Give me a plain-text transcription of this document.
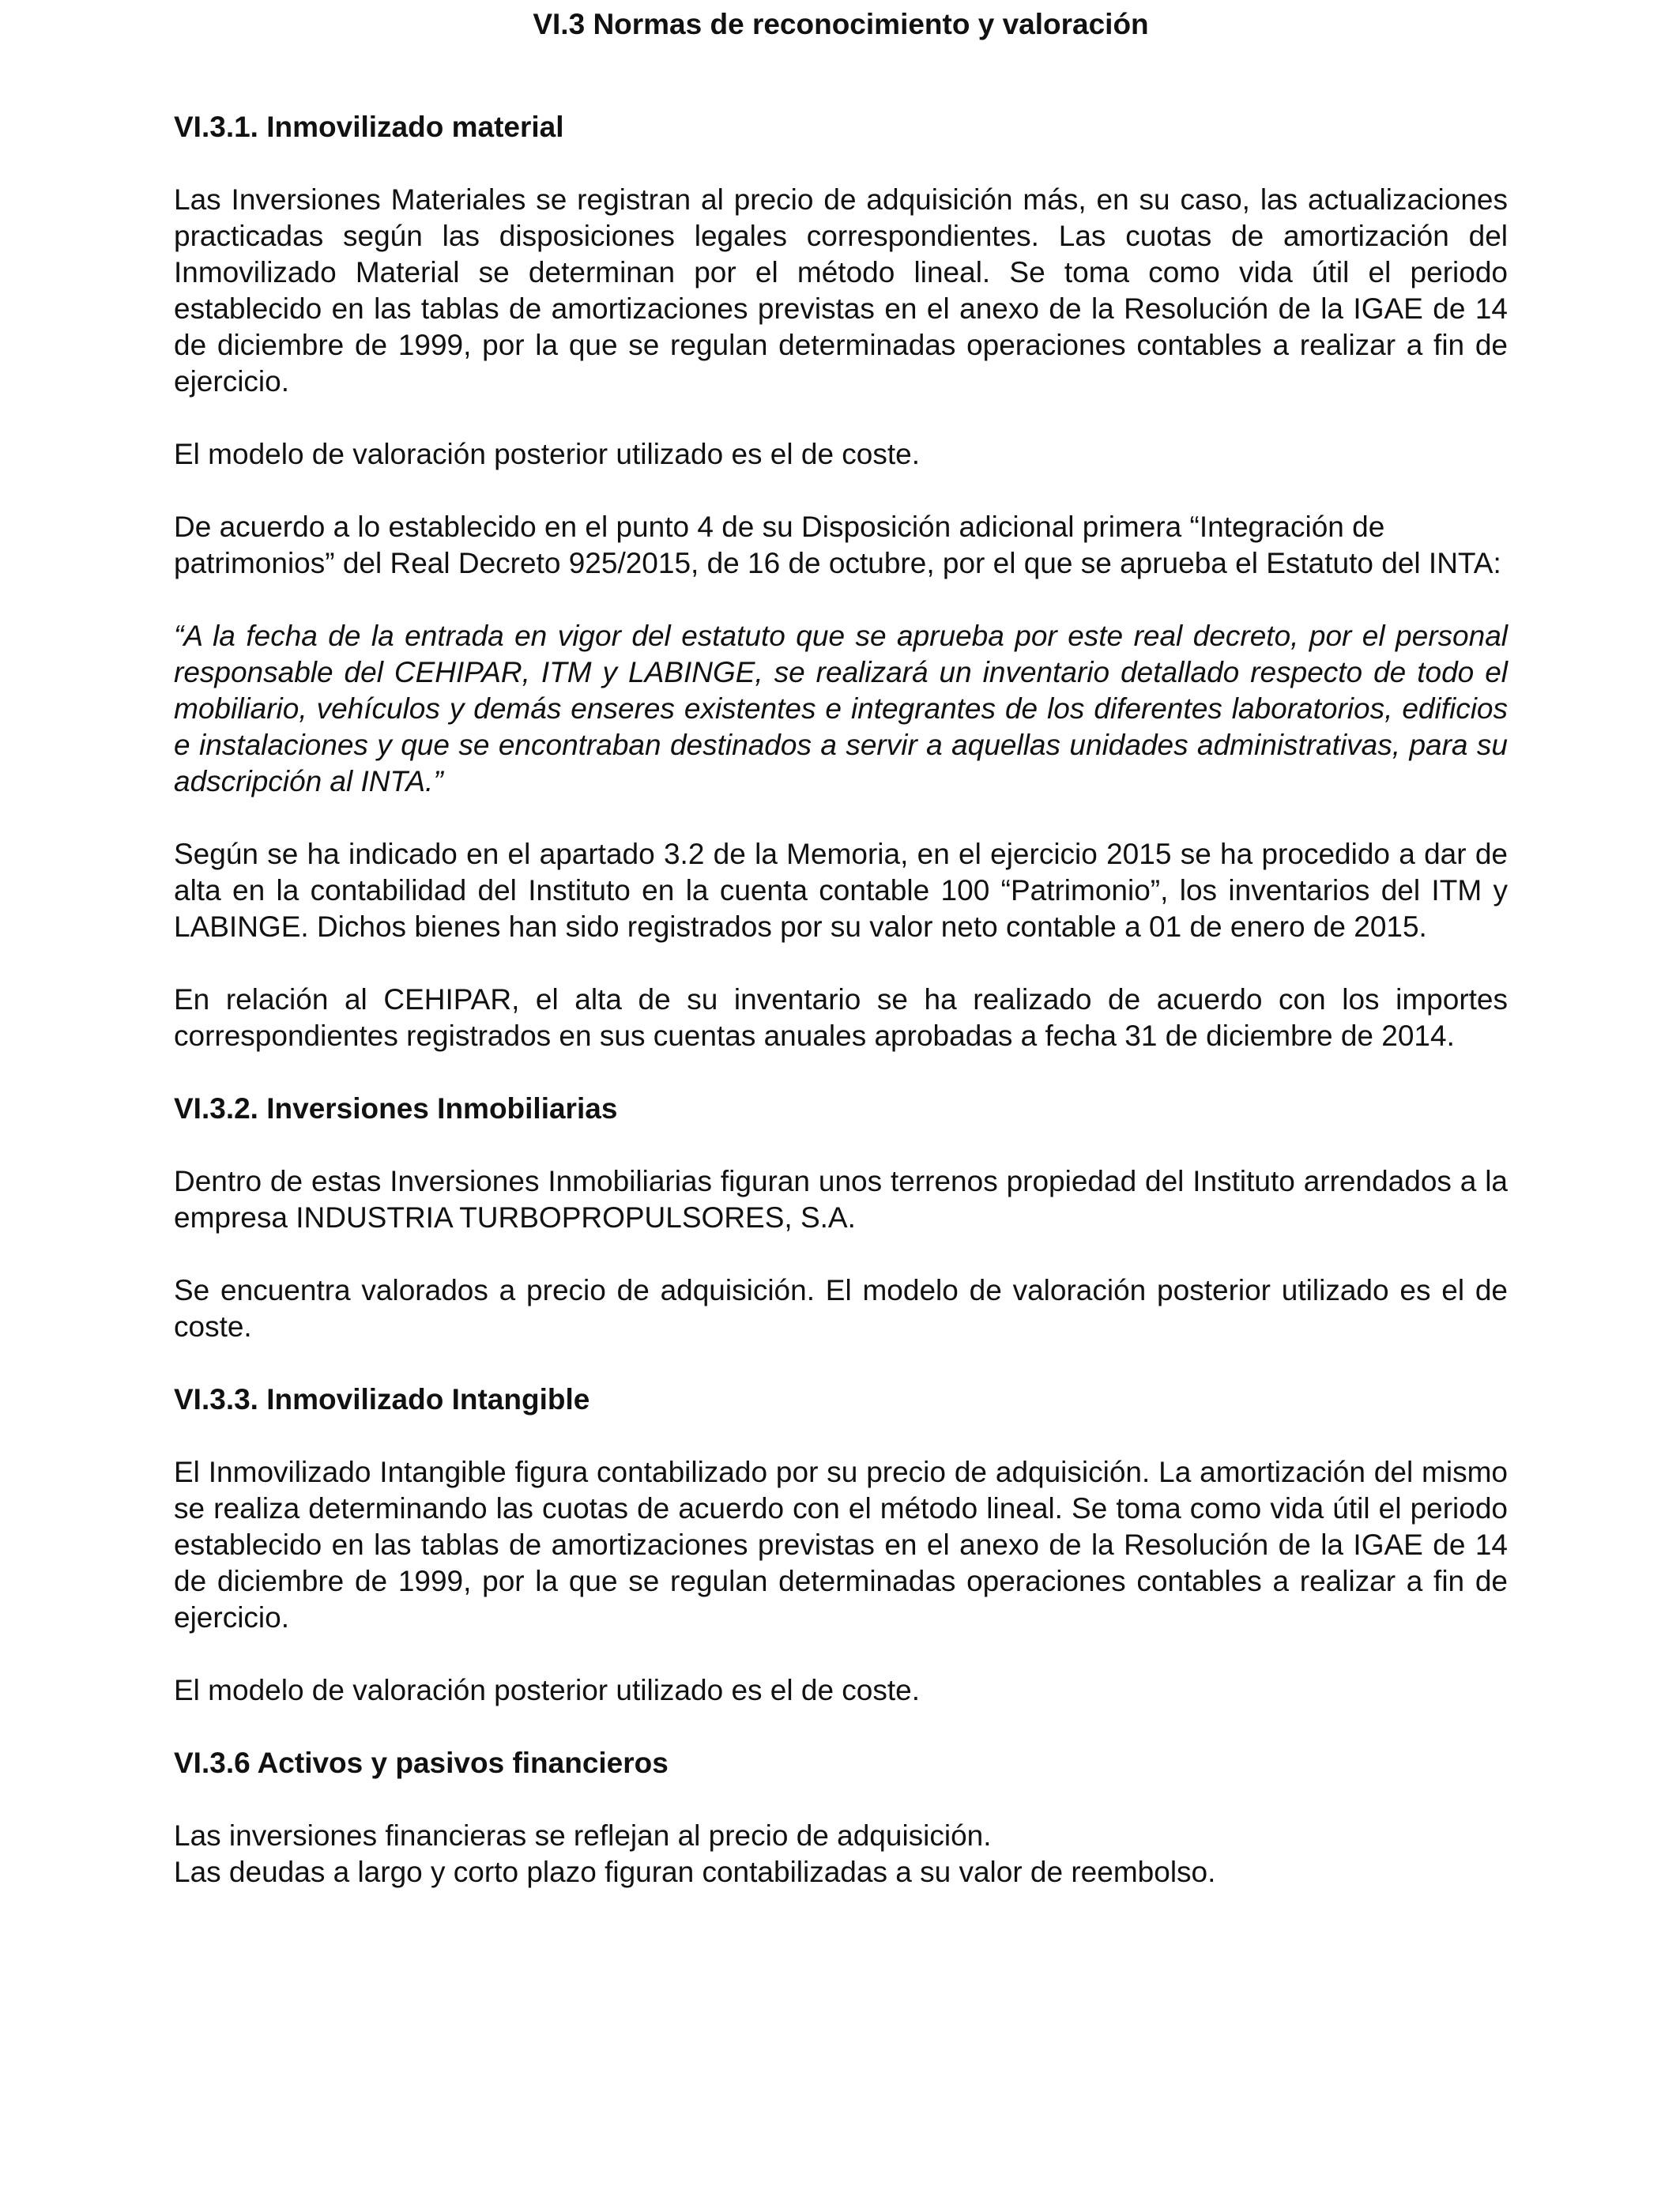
VI.3 Normas de reconocimiento y valoración
VI.3.1. Inmovilizado material

Las Inversiones Materiales se registran al precio de adquisición más, en su caso, las actualizaciones practicadas según las disposiciones legales correspondientes. Las cuotas de amortización del Inmovilizado Material se determinan por el método lineal. Se toma como vida útil el periodo establecido en las tablas de amortizaciones previstas en el anexo de la Resolución de la IGAE de 14 de diciembre de 1999, por la que se regulan determinadas operaciones contables a realizar a fin de ejercicio.

El modelo de valoración posterior utilizado es el de coste.

De acuerdo a lo establecido en el punto 4 de su Disposición adicional primera “Integración de patrimonios” del Real Decreto 925/2015, de 16 de octubre, por el que se aprueba el Estatuto del INTA:

“A la fecha de la entrada en vigor del estatuto que se aprueba por este real decreto, por el personal responsable del CEHIPAR, ITM y LABINGE, se realizará un inventario detallado respecto de todo el mobiliario, vehículos y demás enseres existentes e integrantes de los diferentes laboratorios, edificios e instalaciones y que se encontraban destinados a servir a aquellas unidades administrativas, para su adscripción al INTA.”

Según se ha indicado en el apartado 3.2 de la Memoria, en el ejercicio 2015 se ha procedido a dar de alta en la contabilidad del Instituto en la cuenta contable 100 “Patrimonio”, los inventarios del ITM y LABINGE. Dichos bienes han sido registrados por su valor neto contable a 01 de enero de 2015.

En relación al CEHIPAR, el alta de su inventario se ha realizado de acuerdo con los importes correspondientes registrados en sus cuentas anuales aprobadas a fecha 31 de diciembre de 2014.

VI.3.2. Inversiones Inmobiliarias

Dentro de estas Inversiones Inmobiliarias figuran unos terrenos propiedad del Instituto arrendados a la empresa INDUSTRIA TURBOPROPULSORES, S.A.

Se encuentra valorados a precio de adquisición. El modelo de valoración posterior utilizado es el de coste.

VI.3.3. Inmovilizado Intangible

El Inmovilizado Intangible figura contabilizado por su precio de adquisición. La amortización del mismo se realiza determinando las cuotas de acuerdo con el método lineal. Se toma como vida útil el periodo establecido en las tablas de amortizaciones previstas en el anexo de la Resolución de la IGAE de 14 de diciembre de 1999, por la que se regulan determinadas operaciones contables a realizar a fin de ejercicio.

El modelo de valoración posterior utilizado es el de coste.

VI.3.6 Activos y pasivos financieros

Las inversiones financieras se reflejan al precio de adquisición.

Las deudas a largo y corto plazo figuran contabilizadas a su valor de reembolso.
